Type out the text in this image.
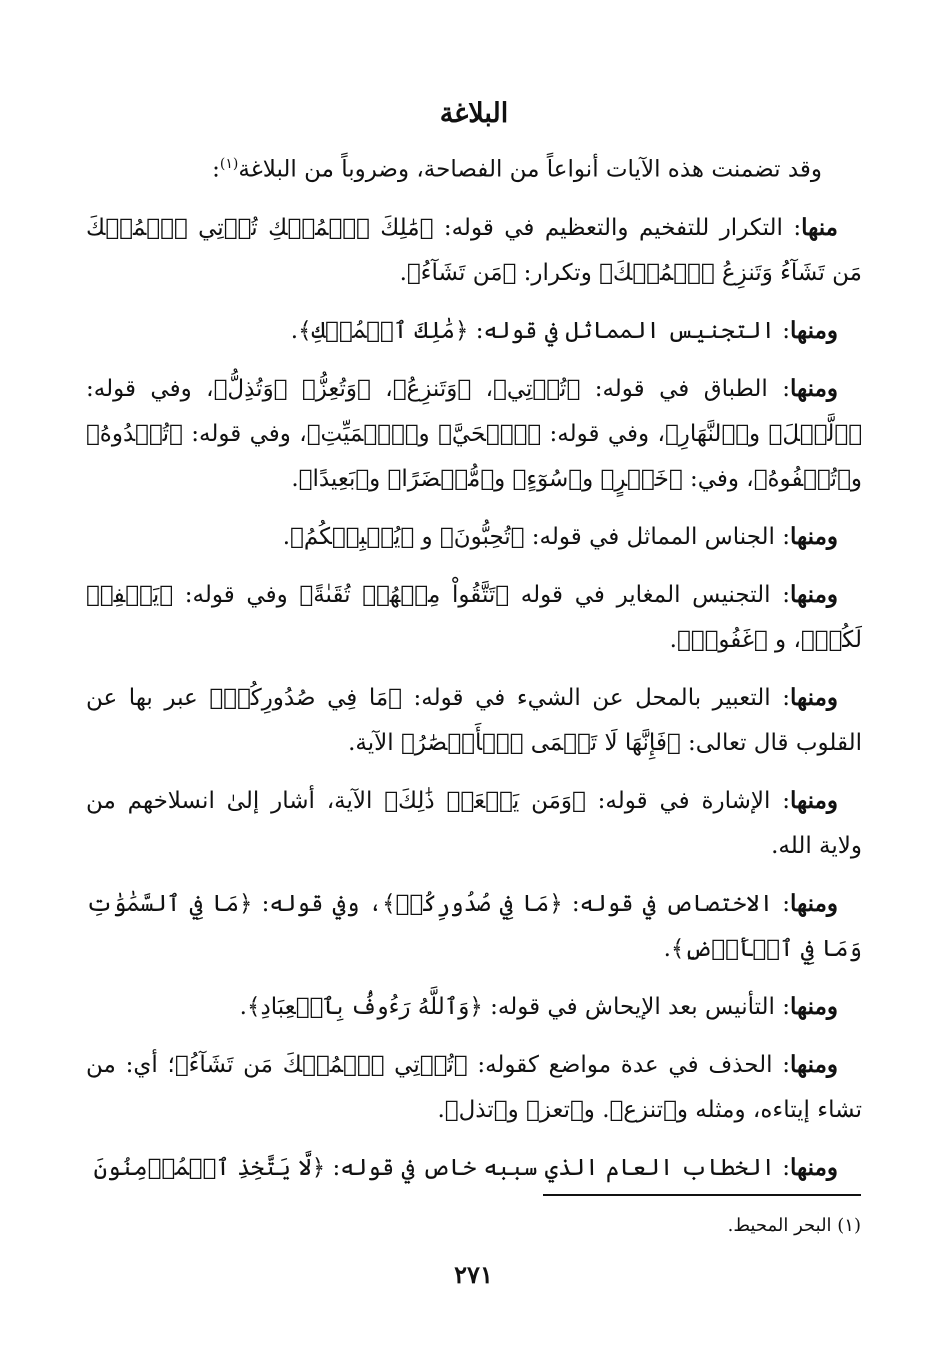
البلاغة

وقد تضمنت هذه الآيات أنواعاً من الفصاحة، وضروباً من البلاغة$^{(١)}$:

منها: التكرار للتفخيم والتعظيم في قوله: ﴿مَٰلِكَ ٱلۡمُلۡكِ تُؤۡتِي ٱلۡمُلۡكَ مَن تَشَآءُ وَتَنزِعُ ٱلۡمُلۡكَ﴾ وتكرار: ﴿مَن تَشَآءُ﴾.

ومنها: التجنيس المماثل في قوله: ﴿مَٰلِكَ ٱلۡمُلۡكِ﴾.

ومنها: الطباق في قوله: ﴿تُؤۡتِي﴾، ﴿وَتَنزِعُ﴾، ﴿وَتُعِزُّ﴾ ﴿وَتُذِلُّ﴾، وفي قوله: ﴿ٱلَّيۡلَ﴾ و﴿ٱلنَّهَارِ﴾، وفي قوله: ﴿ٱلۡحَيَّ﴾ و﴿ٱلۡمَيِّتِ﴾، وفي قوله: ﴿تُبۡدُوهُ﴾ و﴿تُخۡفُوهُ﴾، وفي: ﴿خَيۡرٍ﴾ و﴿سُوٓءٍ﴾ و﴿مُّحۡضَرًا﴾ و﴿بَعِيدًا﴾.

ومنها: الجناس المماثل في قوله: ﴿تُحِبُّونَ﴾ و ﴿يُحۡبِبۡكُمُ﴾.

ومنها: التجنيس المغاير في قوله ﴿تَتَّقُواْ مِنۡهُمۡ تُقَىٰةً﴾ وفي قوله: ﴿يَغۡفِرۡ لَكُمۡ﴾، و ﴿غَفُورٞ﴾.

ومنها: التعبير بالمحل عن الشيء في قوله: ﴿مَا فِي صُدُورِكُمۡ﴾ عبر بها عن القلوب قال تعالى: ﴿فَإِنَّهَا لَا تَعۡمَى ٱلۡأَبۡصَٰرُ﴾ الآية.

ومنها: الإشارة في قوله: ﴿وَمَن يَفۡعَلۡ ذَٰلِكَ﴾ الآية، أشار إلىٰ انسلاخهم من ولاية الله.

ومنها: الاختصاص في قوله: ﴿مَا فِي صُدُورِكُمۡ﴾، وفي قوله: ﴿مَا فِي ٱلسَّمَٰوَٰتِ وَمَا فِي ٱلۡأَرۡضِ﴾.

ومنها: التأنيس بعد الإيحاش في قوله: ﴿وَٱللَّهُ رَءُوفُۢ بِٱلۡعِبَادِ﴾.

ومنها: الحذف في عدة مواضع كقوله: ﴿تُؤۡتِي ٱلۡمُلۡكَ مَن تَشَآءُ﴾؛ أي: من تشاء إيتاءه، ومثله و﴿تنزع﴾. و﴿تعز﴾ و﴿تذل﴾.

ومنها: الخطاب العام الذي سببه خاص في قوله: ﴿لَّا يَتَّخِذِ ٱلۡمُؤۡمِنُونَ

(١) البحر المحيط.
٢٧١
